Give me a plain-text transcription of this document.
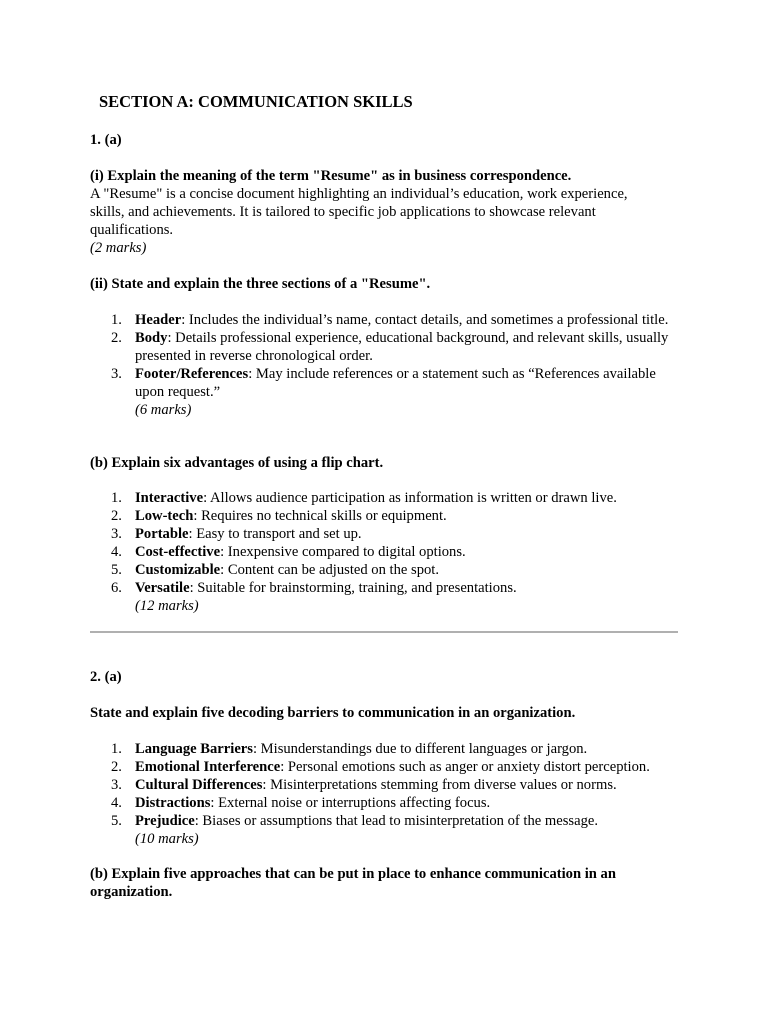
SECTION A: COMMUNICATION SKILLS
1. (a)

(i) Explain the meaning of the term "Resume" as in business correspondence.

A "Resume" is a concise document highlighting an individual’s education, work experience, skills, and achievements. It is tailored to specific job applications to showcase relevant qualifications.

(2 marks)

(ii) State and explain the three sections of a "Resume".
1. Header: Includes the individual’s name, contact details, and sometimes a professional title.
2. Body: Details professional experience, educational background, and relevant skills, usually presented in reverse chronological order.
3. Footer/References: May include references or a statement such as “References available upon request.”
(6 marks)
(b) Explain six advantages of using a flip chart.
1. Interactive: Allows audience participation as information is written or drawn live.
2. Low-tech: Requires no technical skills or equipment.
3. Portable: Easy to transport and set up.
4. Cost-effective: Inexpensive compared to digital options.
5. Customizable: Content can be adjusted on the spot.
6. Versatile: Suitable for brainstorming, training, and presentations.
(12 marks)
2. (a)
State and explain five decoding barriers to communication in an organization.
1. Language Barriers: Misunderstandings due to different languages or jargon.
2. Emotional Interference: Personal emotions such as anger or anxiety distort perception.
3. Cultural Differences: Misinterpretations stemming from diverse values or norms.
4. Distractions: External noise or interruptions affecting focus.
5. Prejudice: Biases or assumptions that lead to misinterpretation of the message.
(10 marks)
(b) Explain five approaches that can be put in place to enhance communication in an organization.
